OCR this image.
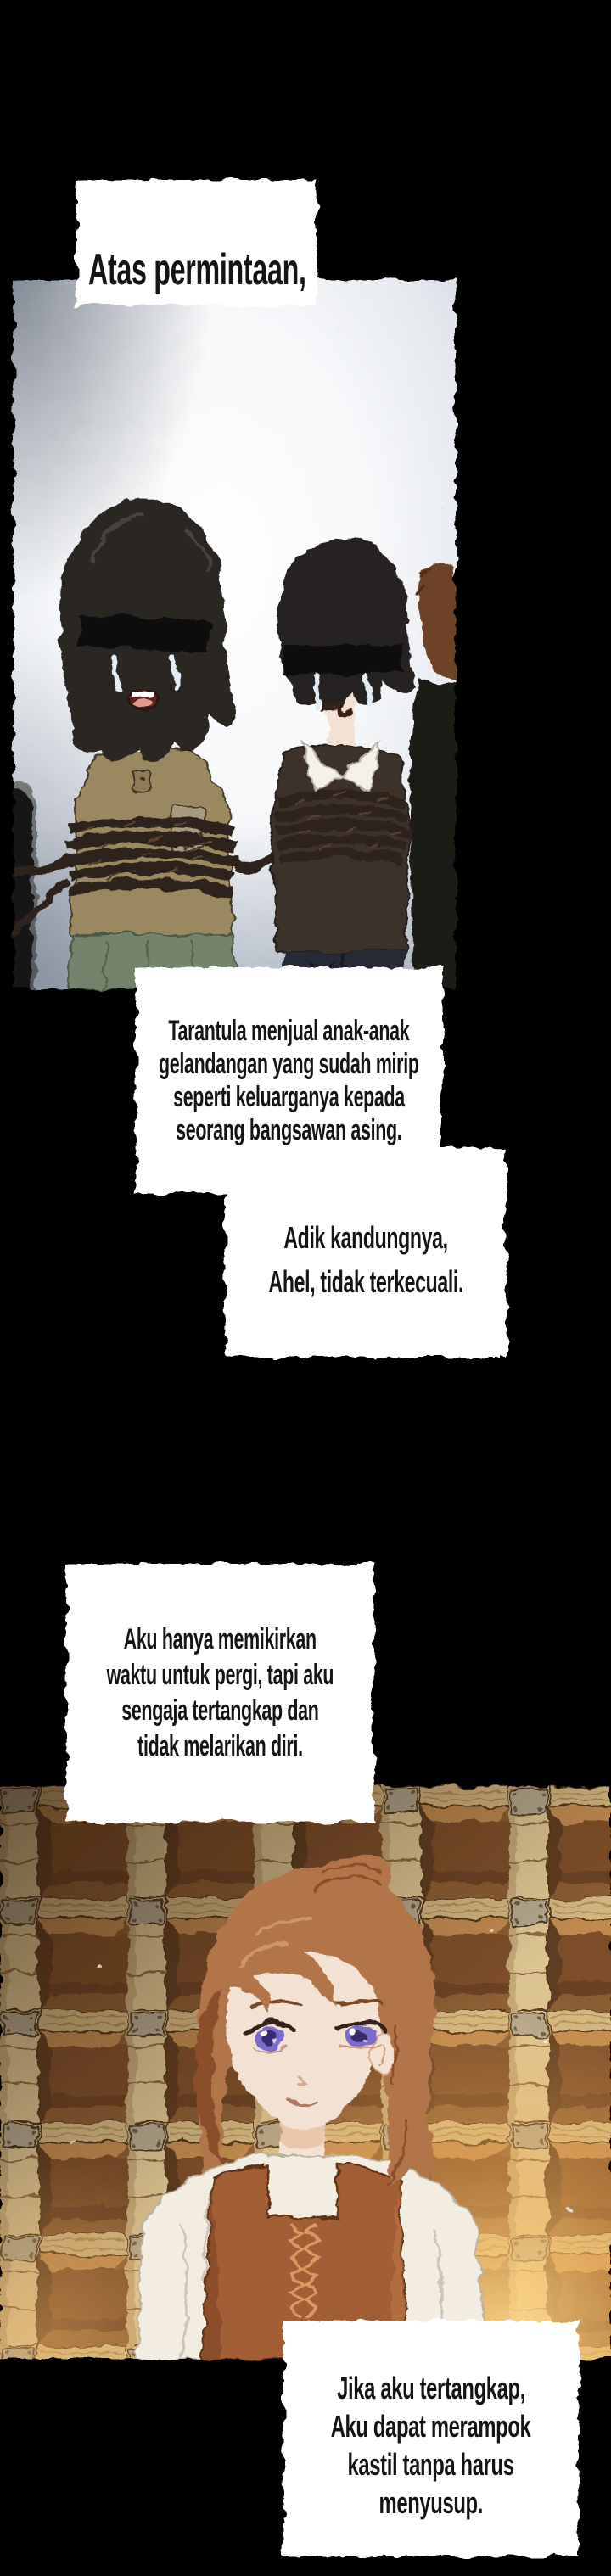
Atas permintaan,
Tarantula menjual anak-anak
gelandangan yang sudah mirip
seperti keluarganya kepada
seorang bangsawan asing.
Adik kandungnya,
Ahel, tidak terkecuali.
Aku hanya memikirkan
waktu untuk pergi, tapi aku
sengaja tertangkap dan
tidak melarikan diri.
Jika aku tertangkap,
Aku dapat merampok
kastil tanpa harus
menyusup.
